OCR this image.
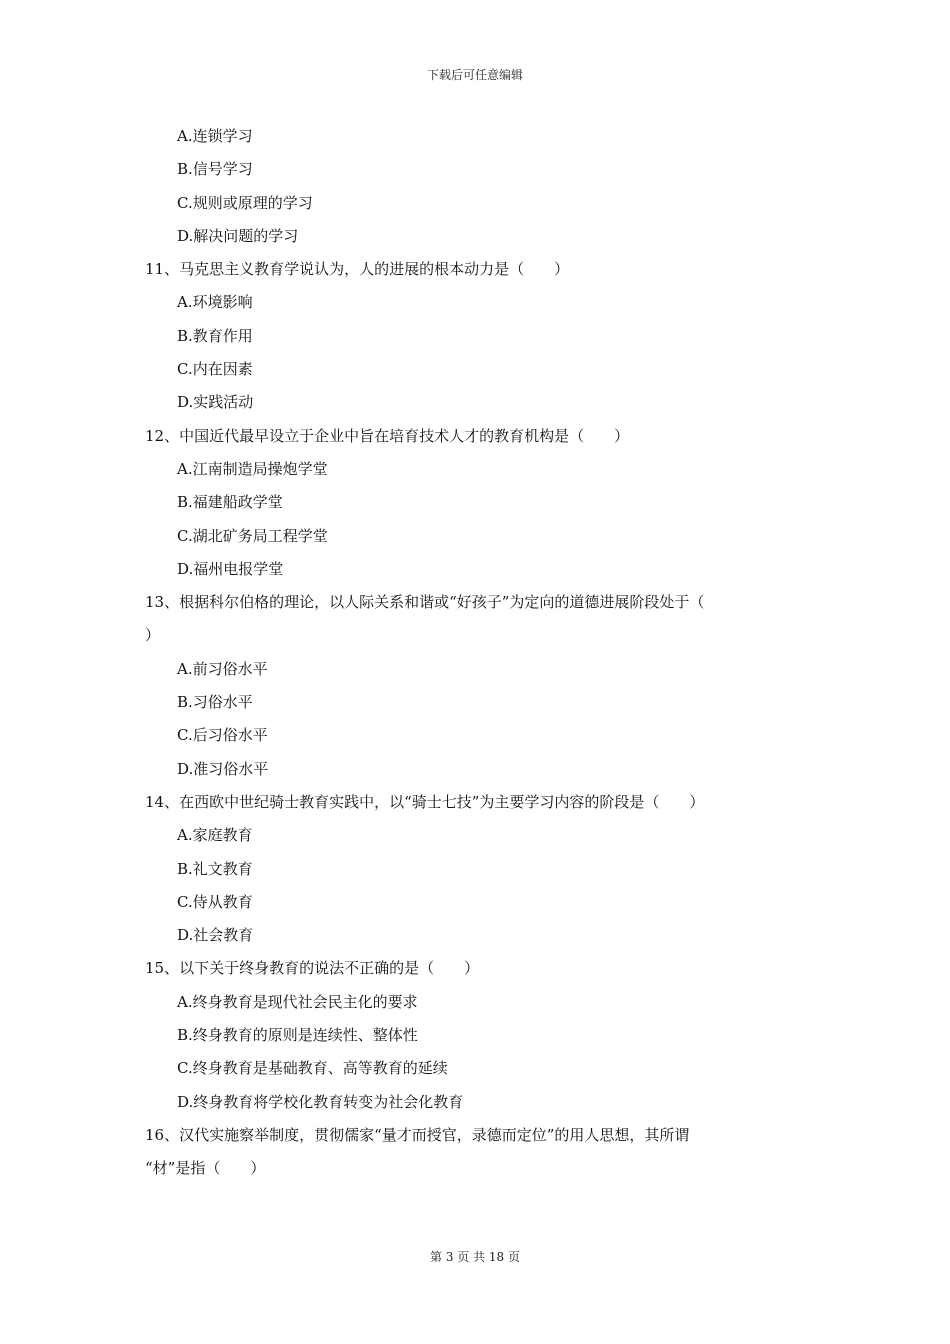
下载后可任意编辑
A.连锁学习
B.信号学习
C.规则或原理的学习
D.解决问题的学习
11、马克思主义教育学说认为，人的进展的根本动力是（　　）
A.环境影响
B.教育作用
C.内在因素
D.实践活动
12、中国近代最早设立于企业中旨在培育技术人才的教育机构是（　　）
A.江南制造局操炮学堂
B.福建船政学堂
C.湖北矿务局工程学堂
D.福州电报学堂
13、根据科尔伯格的理论，以人际关系和谐或“好孩子”为定向的道德进展阶段处于（
）
A.前习俗水平
B.习俗水平
C.后习俗水平
D.准习俗水平
14、在西欧中世纪骑士教育实践中，以“骑士七技”为主要学习内容的阶段是（　　）
A.家庭教育
B.礼文教育
C.侍从教育
D.社会教育
15、以下关于终身教育的说法不正确的是（　　）
A.终身教育是现代社会民主化的要求
B.终身教育的原则是连续性、整体性
C.终身教育是基础教育、高等教育的延续
D.终身教育将学校化教育转变为社会化教育
16、汉代实施察举制度，贯彻儒家“量才而授官，录德而定位”的用人思想，其所谓
“材”是指（　　）
第 3 页 共 18 页
